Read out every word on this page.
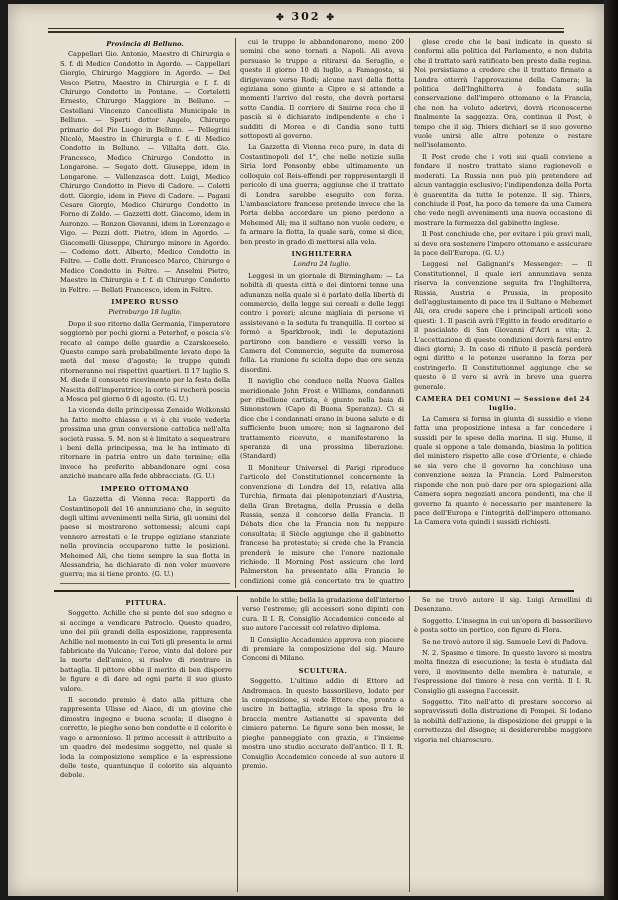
✤ 302 ✤
Provincia di Belluno.

Cappellari Gio. Antonio, Maestro di Chirurgia e S. f. di Medico Condotto in Agordo. — Cappellari Giorgio, Chirurgo Maggiore in Agordo. — Del Vesco Pietro, Maestro in Chirurgia e f. f. di Chirurgo Condotto in Pontane. — Corteletti Ernesto, Chirurgo Maggiore in Belluno. — Cestellani Vincenzo Cancellista Municipale in Belluno. — Sperti dottor Angelo, Chirurgo primario del Pio Luogo in Belluno. — Pellegrini Nicolò, Maestro in Chirurgia e f. f. di Medico Condotto in Belluno. — Villalta dott. Gio. Francesco, Medico Chirurgo Condotto in Longarone. — Segato dott. Giuseppe, idem in Longarone. — Vallenzasca dott. Luigi, Medico Chirurgo Condotto in Pieve di Cadore. — Coletti dott. Giorgio, idem in Pieve di Cadore. — Pagani Cesare Giorgio, Medico Chirurgo Condotto in Forno di Zoldo. — Gazzetti dott. Giacomo, idem in Auronzo. — Ronzon Giovanni, idem in Lorenzago e Vigo. — Pezzi dott. Pietro, idem in Agordo. — Giacomelli Giuseppe, Chirurgo minore in Agordo. — Codemo dott. Alberto, Medico Condotto in Feltre. — Colle dott. Francesco Marco, Chirurgo e Medico Condotto in Feltre. — Anselmi Pietro, Maestro in Chirurgia e f. f. di Chirurgo Condotto in Feltre. — Bellati Francesco, idem in Feltre.

IMPERO RUSSO
Pietroburgo 18 luglio.

Dopo il suo ritorno dalla Germania, l'imperatore soggiornò per pochi giorni a Peterhof, e poscia s'è recato al campo delle guardie a Czarskoeselo. Questo campo sarà probabilmente levato dopo la metà del mese d'agosto; le truppe quindi ritorneranno nei rispettivi quartieri. Il 17 luglio S. M. diede il consueto ricevimento per la festa della Nascita dell'imperatrice; la corte si recherà poscia a Mosca pel giorno 6 di agosto. (G. U.)

La vicenda della principessa Zenaide Wolkonski ha fatto molto chiasso e vi è chi vuole vederla prossima una gran conversione cattolica nell'alta società russa. S. M. non si è limitato a sequestrare i beni della principessa, ma le ha intimato di ritornare in patria entro un dato termine; ella invece ha preferito abbandonare ogni cosa anzichè mancare alla fede abbracciata. (G. U.)

IMPERO OTTOMANO

La Gazzetta di Vienna reca: Rapporti da Costantinopoli del 16 annunziano che, in seguito degli ultimi avvenimenti nella Siria, gli uomini del paese si mostrarono sottomessi; alcuni capi vennero arrestati e le truppe egiziane stanziate nella provincia occuparono tutte le posizioni. Mehemed Ali, che tiene sempre la sua flotta in Alessandria, ha dichiarato di non voler muovere guerra; ma si tiene pronto. (G. U.)

cui le truppe le abbandonarono, meno 200 uomini che sono tornati a Napoli. Ali aveva persuaso le truppe a ritirarsi da Seraglio, e queste il giorno 10 di luglio, a Famagosta, si dirigevano verso Rodi; alcune navi della flotta egiziana sono giunte a Cipro e si attende a momenti l'arrivo del resto, che dovrà portarsi sotto Candia. Il corriere di Smirne reca che il pascià si è dichiarato indipendente e che i sudditi di Morea e di Candia sono tutti sottoposti al governo.

La Gazzetta di Vienna reca pure, in data di Costantinopoli del 1°, che nelle notizie sulla Siria lord Ponsonby ebbe ultimamente un colloquio col Reis-effendi per rappresentargli il pericolo di una guerra; aggiunse che il trattato di Londra sarebbe eseguito con forza. L'ambasciatore francese pretende invece che la Porta debba accordare un pieno perdono a Mehemed Ali; ma il sultano non vuole cedere, e fa armare la flotta, la quale sarà, come si dice, ben presto in grado di mettersi alla vela.

INGHILTERRA
Londra 24 luglio.

Leggesi in un giornale di Birmingham: — La nobiltà di questa città e dei dintorni tenne una adunanza nella quale si è parlato della libertà di commercio, della legge sui cereali e delle leggi contro i poveri; alcune migliaia di persone vi assistevano e la seduta fu tranquilla. Il corteo si formò a Sparkbrook, indi le deputazioni partirono con bandiere e vessilli verso la Camera del Commercio, seguite da numerosa folla. La riunione fu sciolta dopo due ore senza disordini.

Il naviglio che conduce nella Nuova Galles meridionale John Frost e Williams, condannati per ribellione cartista, è giunto nella baia di Simonstown (Capo di Buona Speranza). Ci si dice che i condannati erano in buona salute e di sufficiente buon umore; non si lagnarono del trattamento ricevuto, e manifestarono la speranza di una prossima liberazione. (Standard)

Il Moniteur Universel di Parigi riproduce l'articolo del Constitutionnel concernente la convenzione di Londra del 15, relativa alla Turchia, firmata dai plenipotenziari d'Austria, della Gran Bretagna, della Prussia e della Russia, senza il concorso della Francia. Il Débats dice che la Francia non fu neppure consultata; il Siècle aggiunge che il gabinetto francese ha protestato; si crede che la Francia prenderà le misure che l'onore nazionale richiede. Il Morning Post assicura che lord Palmerston ha presentato alla Francia le condizioni come già concertate tra le quattro

glese crede che le basi indicate in questo si conformi alla politica del Parlamento, e non dubita che il trattato sarà ratificato ben presto dalla regina. Noi persistiamo a credere che il trattato firmato a Londra otterrà l'approvazione della Camera; la politica dell'Inghilterra è fondata sulla conservazione dell'impero ottomano e la Francia, che non ha voluto aderirvi, dovrà riconoscerne finalmente la saggezza. Ora, continua il Post, è tempo che il sig. Thiers dichiari se il suo governo vuole unirsi alle altre potenze o restare nell'isolamento.

Il Post crede che i voti sui quali conviene a fondare il nostro trattato siano ragionevoli e moderati. La Russia non può più pretendere ad alcun vantaggio esclusivo; l'indipendenza della Porta è guarentita da tutte le potenze. Il sig. Thiers, conchiude il Post, ha poco da temere da una Camera che vede negli avvenimenti una nuova occasione di mostrare la fermezza del gabinetto inglese.

Il Post conchiude che, per evitare i più gravi mali, si deve ora sostenere l'impero ottomano e assicurare la pace dell'Europa. (G. U.)

Leggesi nel Galignani's Messenger: — Il Constitutionnel, il quale ieri annunziava senza riserva la convenzione seguita fra l'Inghilterra, Russia, Austria e Prussia, in proposito dell'aggiustamento di pace tra il Sultano e Mehemet Ali, ora crede sapere che i principali articoli sono questi: 1. Il pascià avrà l'Egitto in feudo ereditario e il pascialato di San Giovanni d'Acri a vita; 2. L'accettazione di queste condizioni dovrà farsi entro dieci giorni; 3. In caso di rifiuto il pascià perderà ogni diritto e le potenze useranno la forza per costringerlo. Il Constitutionnel aggiunge che se questo è il vero si avrà in breve una guerra generale.

CAMERA DEI COMUNI — Sessione del 24 luglio.

La Camera si forma in giunta di sussidio e viene fatta una proposizione intesa a far concedere i sussidi per le spese della marina. Il sig. Hume, il quale si oppone a tale domanda, biasima la politica del ministero rispetto alle cose d'Oriente, e chiede se sia vero che il governo ha conchiuso una convenzione senza la Francia. Lord Palmerston risponde che non può dare per ora spiegazioni alla Camera sopra negoziati ancora pendenti, ma che il governo fa quanto è necessario per mantenere la pace dell'Europa e l'integrità dell'impero ottomano. La Camera vota quindi i sussidi richiesti.

PITTURA.

Soggetto. Achille che si pente del suo sdegno e si accinge a vendicare Patroclo. Questo quadro, uno dei più grandi della esposizione, rappresenta Achille nel momento in cui Teti gli presenta le armi fabbricate da Vulcano; l'eroe, vinto dal dolore per la morte dell'amico, si risolve di rientrare in battaglia. Il pittore ebbe il merito di ben disporre le figure e di dare ad ogni parte il suo giusto valore.

Il secondo premio è dato alla pittura che rappresenta Ulisse ed Aiace, di un giovine che dimostra ingegno e buona scuola; il disegno è corretto, le pieghe sono ben condotte e il colorito è vago e armonioso. Il primo accessit è attribuito a un quadro del medesimo soggetto, nel quale si loda la composizione semplice e la espressione delle teste, quantunque il colorito sia alquanto debole.

nobile lo stile; bella la gradazione dell'interno verso l'estremo; gli accessori sono dipinti con cura. Il I. R. Consiglio Accademico concede al suo autore l'accessit col relativo diploma.

Il Consiglio Accademico approva con piacere di premiare la composizione del sig. Mauro Conconi di Milano.

SCULTURA.

Soggetto. L'ultimo addio di Ettore ad Andromaca. In questo bassorilievo, lodato per la composizione, si vede Ettore che, pronto a uscire in battaglia, stringe la sposa fra le braccia mentre Astianatte si spaventa del cimiero paterno. Le figure sono ben mosse, le pieghe panneggiate con grazia, e l'insieme mostra uno studio accurato dell'antico. Il I. R. Consiglio Accademico concede al suo autore il premio.

Se ne trovò autore il sig. Luigi Armellini di Desenzano.

Soggetto. L'insegna in cui un'opera di bassorilievo è posta sotto un portico, con figure di Flora.

Se ne trovò autore il sig. Samuele Levi di Padova.

N. 2. Spasmo e timore. In questo lavoro si mostra molta finezza di esecuzione; la testa è studiata dal vero, il movimento delle membra è naturale, e l'espressione del timore è resa con verità. Il I. R. Consiglio gli assegna l'accessit.

Soggetto. Tito nell'atto di prestare soccorso ai sopravvissuti della distruzione di Pompei. Si lodano la nobiltà dell'azione, la disposizione dei gruppi e la correttezza del disegno; si desidererebbe maggiore vigoria nel chiaroscuro.
